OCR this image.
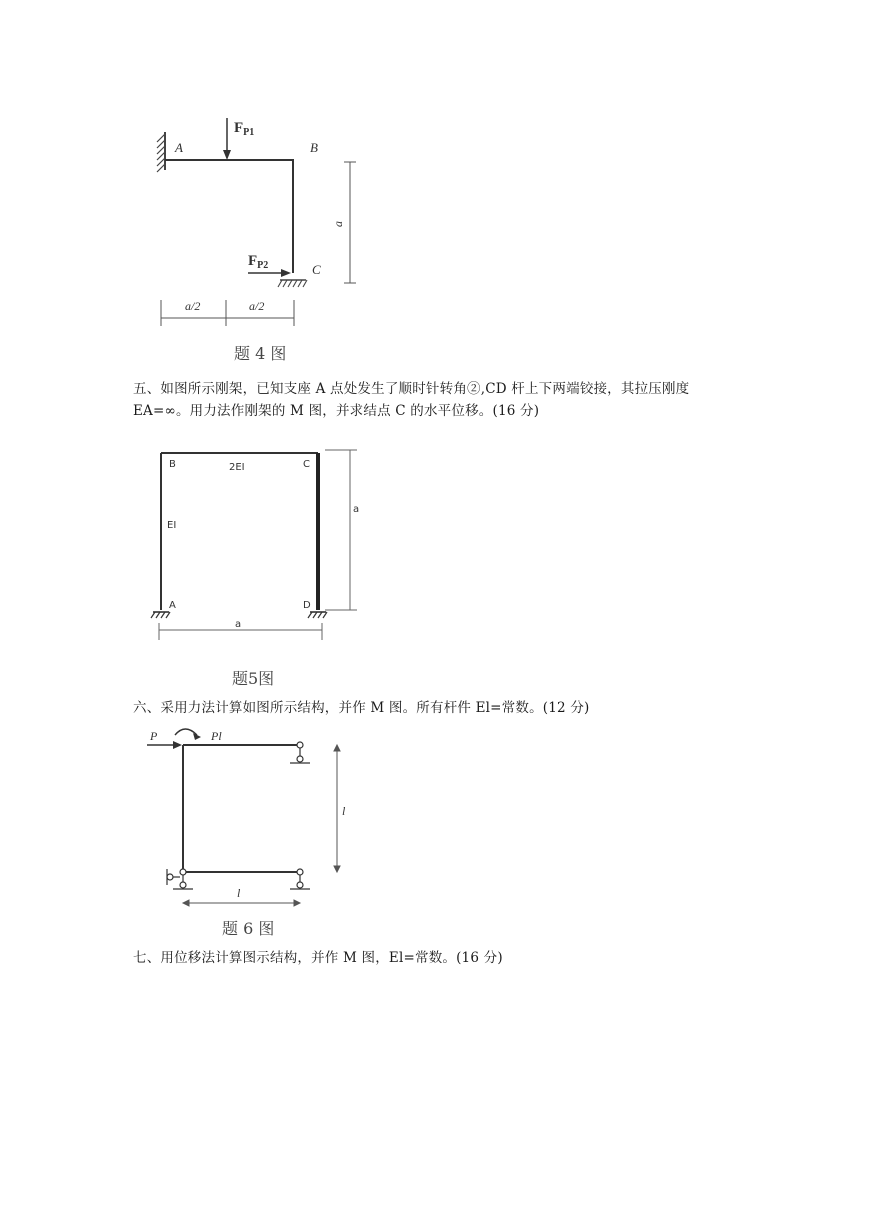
$F_{P1}$
$F_{P2}$
A	B
C
a
a/2	a/2
题 4 图
五、如图所示刚架，已知支座 A 点处发生了顺时针转角②,CD 杆上下两端铰接，其拉压刚度
EA=∞。用力法作刚架的 M 图，并求结点 C 的水平位移。(16 分)
B	C
A	D
2EI
EI
a
a
题5图
六、采用力法计算如图所示结构，并作 M 图。所有杆件 El=常数。(12 分)
P	Pl
l
l
题 6 图
七、用位移法计算图示结构，并作 M 图，El=常数。(16 分)
